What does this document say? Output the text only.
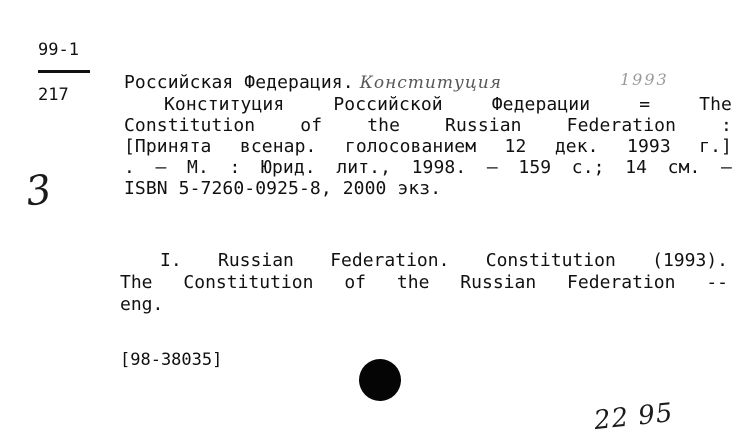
99-1
217
3
Российская Федерация. Конституция
Конституция Российской Федерации = The
Constitution of the Russian Federation :
[Принята всенар. голосованием 12 дек. 1993 г.]
. – М. : Юрид. лит., 1998. – 159 с.; 14 см. –
ISBN 5-7260-0925-8, 2000 экз.
1993
I. Russian Federation. Constitution (1993).
The Constitution of the Russian Federation --
eng.
[98-38035]
22 95
